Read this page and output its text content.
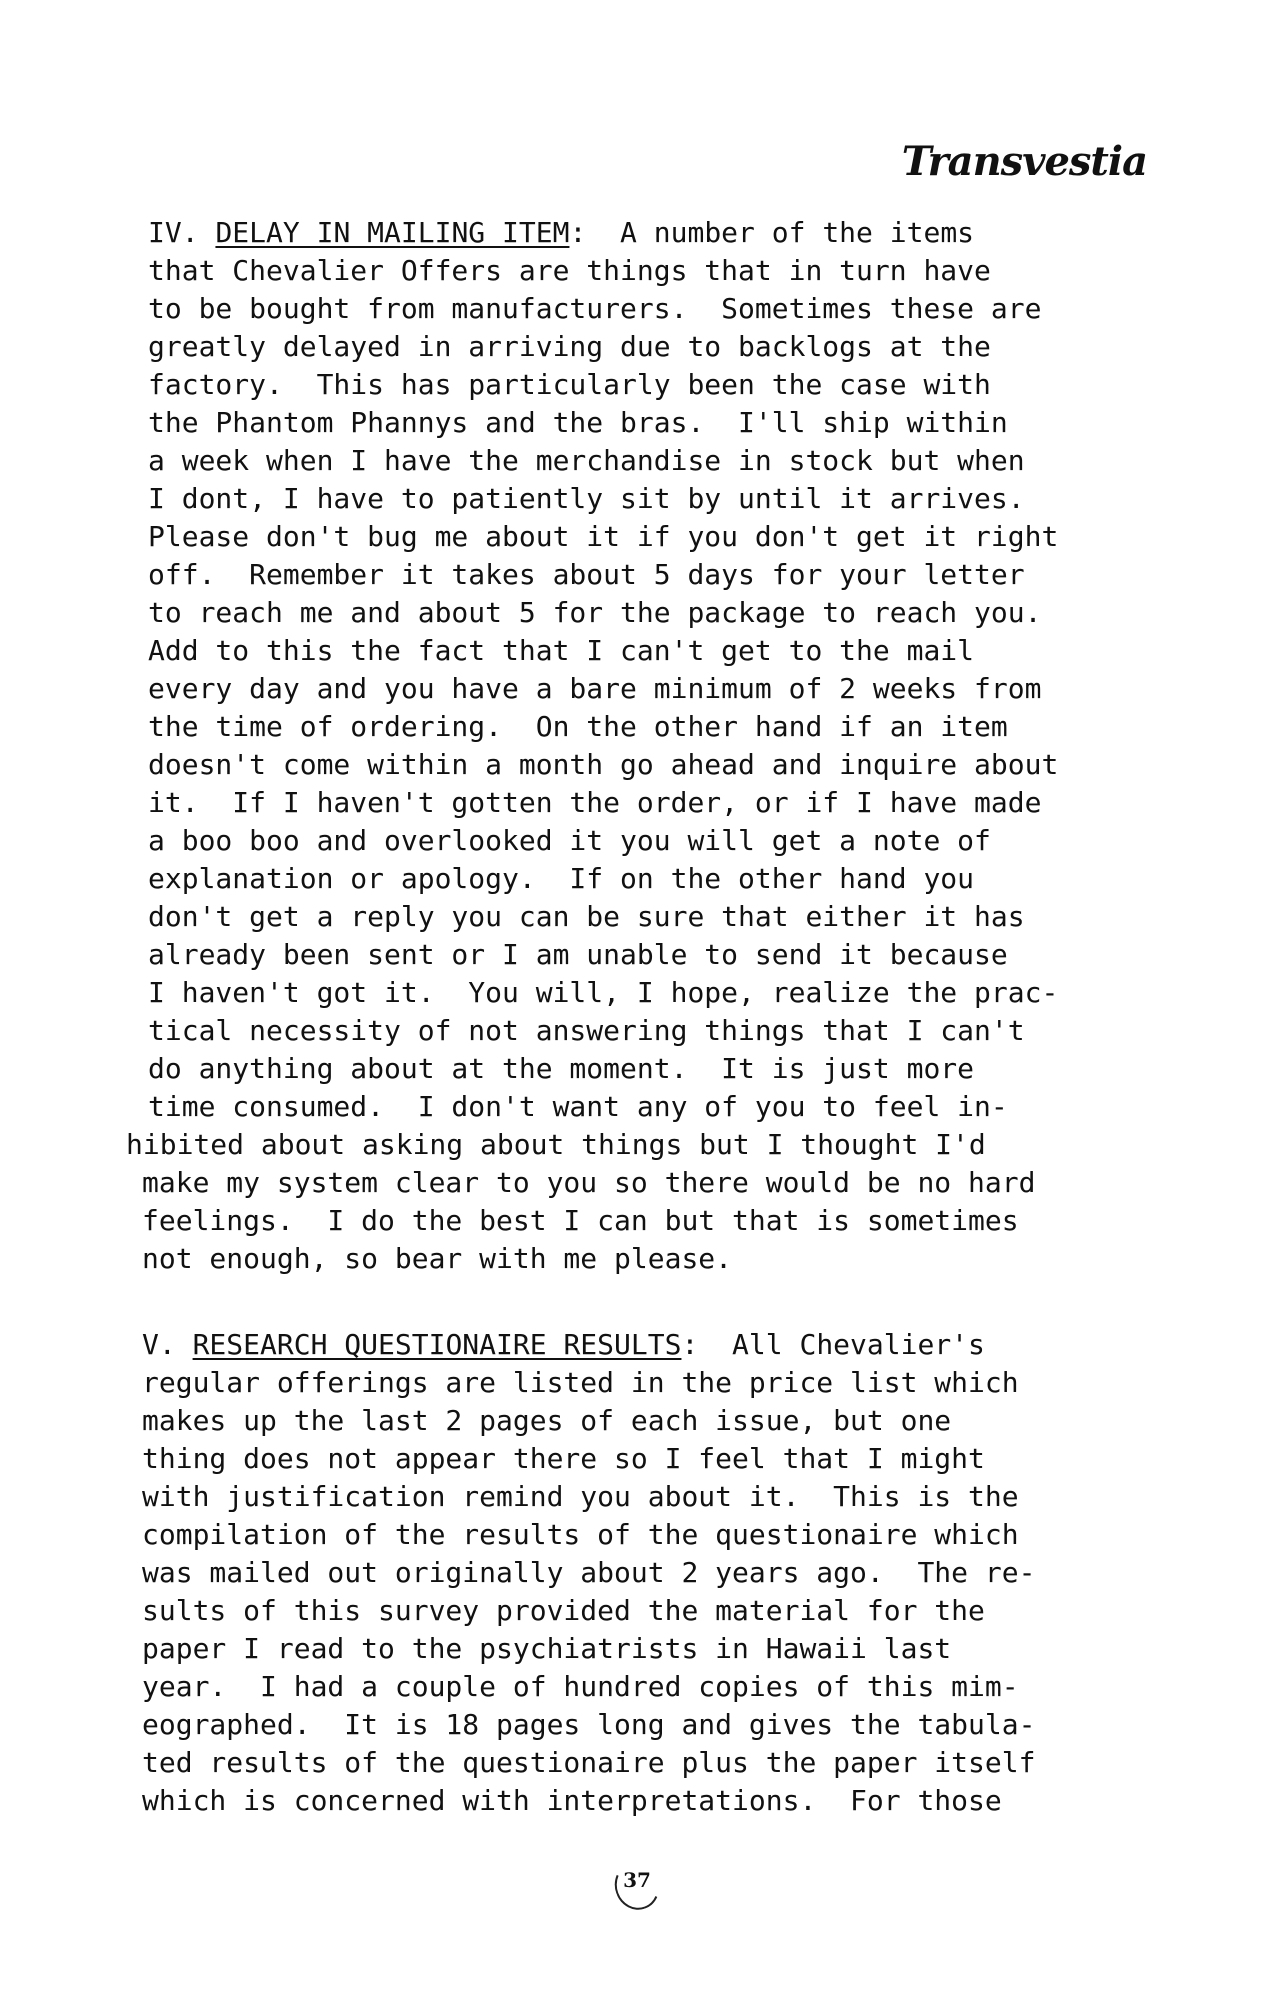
Transvestia
IV. DELAY IN MAILING ITEM:  A number of the items
that Chevalier Offers are things that in turn have
to be bought from manufacturers.  Sometimes these are
greatly delayed in arriving due to backlogs at the
factory.  This has particularly been the case with
the Phantom Phannys and the bras.  I'll ship within
a week when I have the merchandise in stock but when
I dont, I have to patiently sit by until it arrives.
Please don't bug me about it if you don't get it right
off.  Remember it takes about 5 days for your letter
to reach me and about 5 for the package to reach you.
Add to this the fact that I can't get to the mail
every day and you have a bare minimum of 2 weeks from
the time of ordering.  On the other hand if an item
doesn't come within a month go ahead and inquire about
it.  If I haven't gotten the order, or if I have made
a boo boo and overlooked it you will get a note of
explanation or apology.  If on the other hand you
don't get a reply you can be sure that either it has
already been sent or I am unable to send it because
I haven't got it.  You will, I hope, realize the prac-
tical necessity of not answering things that I can't
do anything about at the moment.  It is just more
time consumed.  I don't want any of you to feel in-
hibited about asking about things but I thought I'd
make my system clear to you so there would be no hard
feelings.  I do the best I can but that is sometimes
not enough, so bear with me please.
V. RESEARCH QUESTIONAIRE RESULTS:  All Chevalier's
regular offerings are listed in the price list which
makes up the last 2 pages of each issue, but one
thing does not appear there so I feel that I might
with justification remind you about it.  This is the
compilation of the results of the questionaire which
was mailed out originally about 2 years ago.  The re-
sults of this survey provided the material for the
paper I read to the psychiatrists in Hawaii last
year.  I had a couple of hundred copies of this mim-
eographed.  It is 18 pages long and gives the tabula-
ted results of the questionaire plus the paper itself
which is concerned with interpretations.  For those
37
